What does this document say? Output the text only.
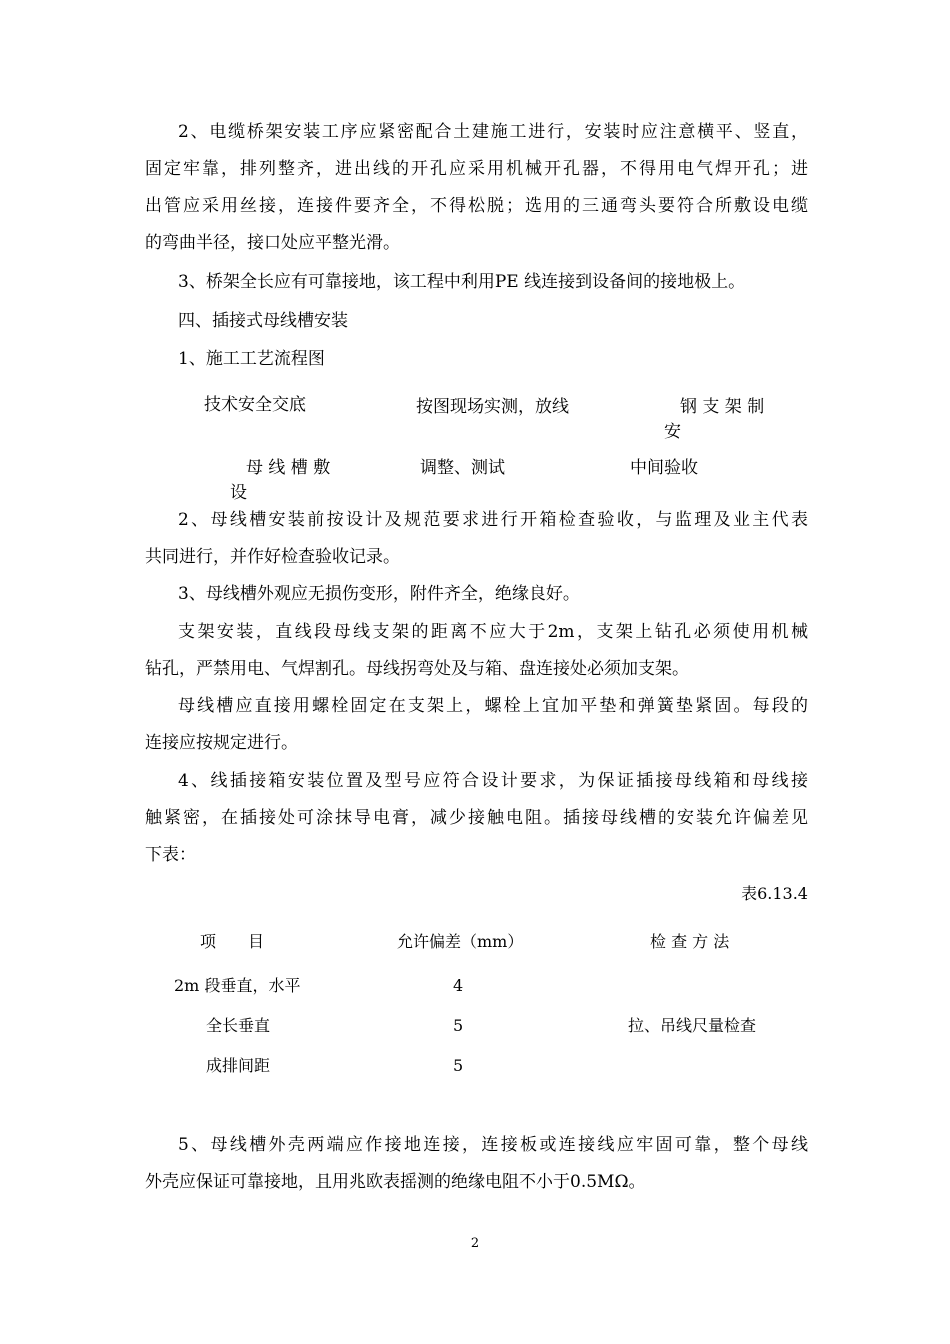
2、电缆桥架安装工序应紧密配合土建施工进行，安装时应注意横平、竖直，
固定牢靠，排列整齐，进出线的开孔应采用机械开孔器，不得用电气焊开孔；进
出管应采用丝接，连接件要齐全，不得松脱；选用的三通弯头要符合所敷设电缆
的弯曲半径，接口处应平整光滑。
3、桥架全长应有可靠接地，该工程中利用PE 线连接到设备间的接地极上。
四、插接式母线槽安装
1、施工工艺流程图
技术安全交底	按图现场实测，放线	钢 支 架 制
安
母 线 槽 敷
设
调整、测试	中间验收
2、母线槽安装前按设计及规范要求进行开箱检查验收，与监理及业主代表
共同进行，并作好检查验收记录。
3、母线槽外观应无损伤变形，附件齐全，绝缘良好。
支架安装，直线段母线支架的距离不应大于2m，支架上钻孔必须使用机械
钻孔，严禁用电、气焊割孔。母线拐弯处及与箱、盘连接处必须加支架。
母线槽应直接用螺栓固定在支架上，螺栓上宜加平垫和弹簧垫紧固。每段的
连接应按规定进行。
4、线插接箱安装位置及型号应符合设计要求，为保证插接母线箱和母线接
触紧密，在插接处可涂抹导电膏，减少接触电阻。插接母线槽的安装允许偏差见
下表：
表6.13.4
项　　目	允许偏差（mm）	检 查 方 法
2m 段垂直，水平	4
全长垂直	5	拉、吊线尺量检查
成排间距	5
5、母线槽外壳两端应作接地连接，连接板或连接线应牢固可靠，整个母线
外壳应保证可靠接地，且用兆欧表摇测的绝缘电阻不小于0.5MΩ。
2
